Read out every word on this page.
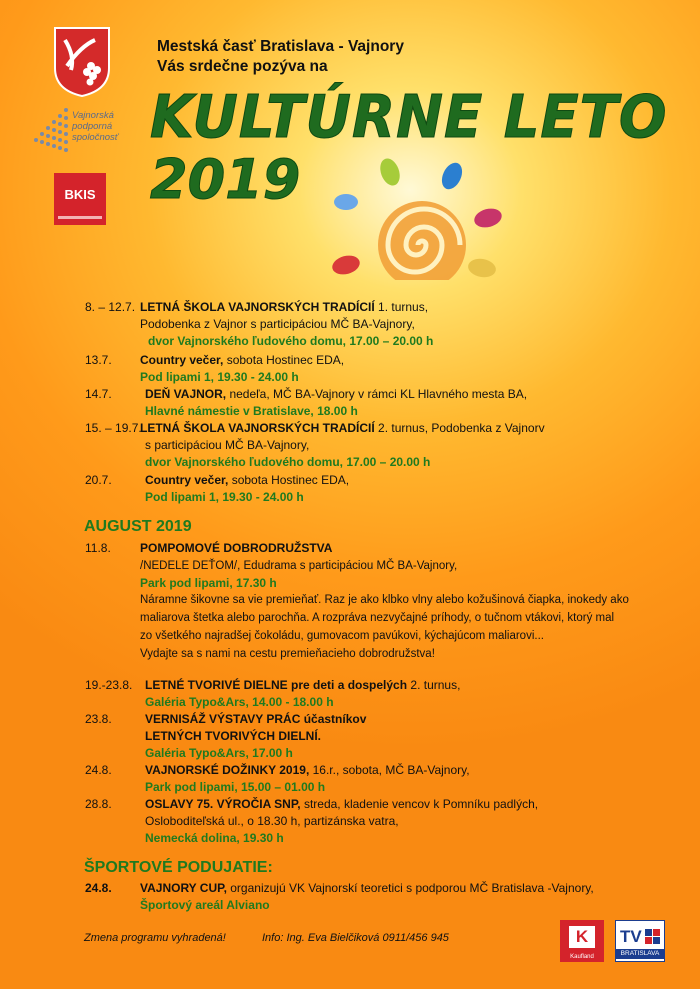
Vajnorská podporná spoločnosť
BKIS
Mestská časť Bratislava - Vajnory
Vás srdečne pozýva na
KULTÚRNE LETO
2019
8. – 12.7. LETNÁ ŠKOLA VAJNORSKÝCH TRADÍCIÍ 1. turnus,
Podobenka z Vajnor s participáciou MČ BA-Vajnory,
dvor Vajnorského ľudového domu, 17.00 – 20.00 h
13.7. Country večer, sobota Hostinec EDA,
Pod lipami 1, 19.30 - 24.00 h
14.7.	DEŇ VAJNOR, nedeľa, MČ BA-Vajnory v rámci KL Hlavného mesta BA,
Hlavné námestie v Bratislave, 18.00 h
15. – 19.7.
LETNÁ ŠKOLA VAJNORSKÝCH TRADÍCIÍ 2. turnus, Podobenka z Vajnorv
s participáciou MČ BA-Vajnory,
dvor Vajnorského ľudového domu, 17.00 – 20.00 h
20.7.	Country večer, sobota Hostinec EDA,
Pod lipami 1, 19.30 - 24.00 h
AUGUST 2019
11.8. POMPOMOVÉ DOBRODRUŽSTVA
/NEDELE DEŤOM/, Edudrama s participáciou MČ BA-Vajnory,
Park pod lipami, 17.30 h
Náramne šikovne sa vie premieňať. Raz je ako klbko vlny alebo kožušinová čiapka, inokedy ako
maliarova štetka alebo parochňa. A rozpráva nezvyčajné príhody, o tučnom vtákovi, ktorý mal
zo všetkého najradšej čokoládu, gumovacom pavúkovi, kýchajúcom maliarovi...
Vydajte sa s nami na cestu premieňacieho dobrodružstva!
19.-23.8. LETNÉ TVORIVÉ DIELNE pre deti a dospelých 2. turnus,
Galéria Typo&Ars, 14.00 - 18.00 h
23.8.	VERNISÁŽ VÝSTAVY PRÁC účastníkov
LETNÝCH TVORIVÝCH DIELNÍ.
Galéria Typo&Ars, 17.00 h
24.8.	VAJNORSKÉ DOŽINKY 2019, 16.r., sobota, MČ BA-Vajnory,
Park pod lipami, 15.00 – 01.00 h
28.8.	OSLAVY 75. VÝROČIA SNP, streda, kladenie vencov k Pomníku padlých,
Osloboditeľská ul., o 18.30 h, partizánska vatra,
Nemecká dolina, 19.30 h
ŠPORTOVÉ PODUJATIE:
24.8. VAJNORY CUP, organizujú VK Vajnorskí teoretici s podporou MČ Bratislava -Vajnory,
Športový areál Alviano
Zmena programu vyhradená!	Info: Ing. Eva Bielčiková 0911/456 945	K
Kaufland
TV
BRATISLAVA
